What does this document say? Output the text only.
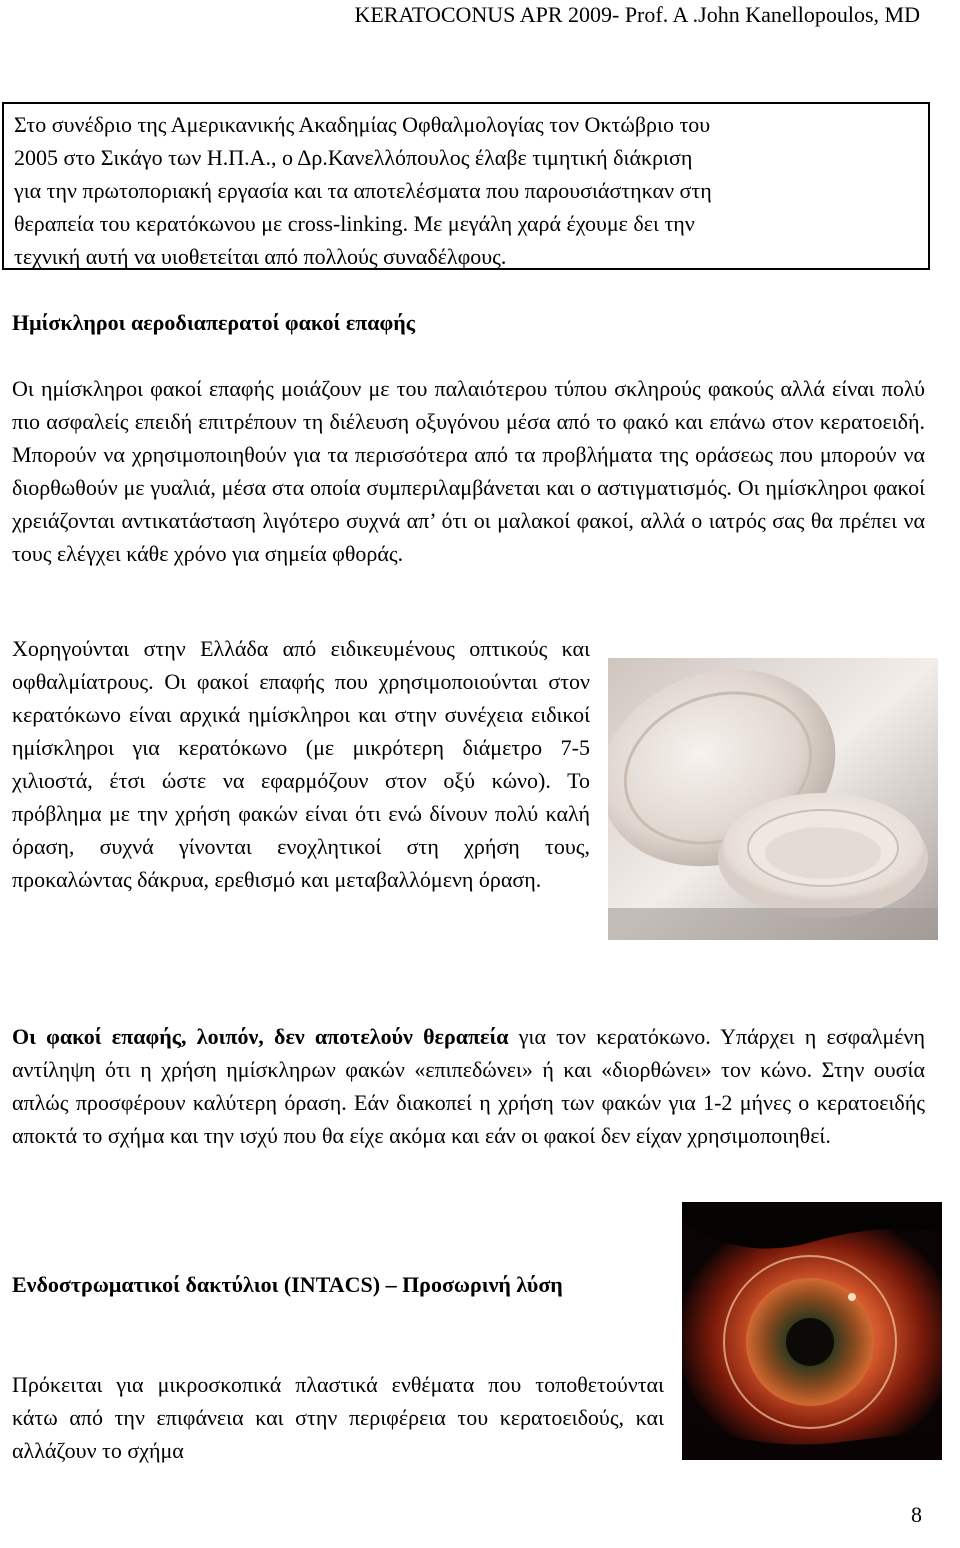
KERATOCONUS APR 2009- Prof. A .John Kanellopoulos, MD
Στο συνέδριο της Αμερικανικής Ακαδημίας Οφθαλμολογίας τον Οκτώβριο του
2005 στο Σικάγο των Η.Π.Α., ο Δρ.Κανελλόπουλος έλαβε τιμητική διάκριση
για την πρωτοποριακή εργασία και τα αποτελέσματα που παρουσιάστηκαν στη
θεραπεία του κερατόκωνου με cross-linking. Με μεγάλη χαρά έχουμε δει την
τεχνική αυτή να υιοθετείται από πολλούς συναδέλφους.
Ημίσκληροι αεροδιαπερατοί φακοί επαφής

Οι ημίσκληροι φακοί επαφής μοιάζουν με του παλαιότερου τύπου σκληρούς φακούς αλλά είναι πολύ πιο ασφαλείς επειδή επιτρέπουν τη διέλευση οξυγόνου μέσα από το φακό και επάνω στον κερατοειδή. Μπορούν να χρησιμοποιηθούν για τα περισσότερα από τα προβλήματα της οράσεως που μπορούν να διορθωθούν με γυαλιά, μέσα στα οποία συμπεριλαμβάνεται και ο αστιγματισμός. Οι ημίσκληροι φακοί χρειάζονται αντικατάσταση λιγότερο συχνά απ’ ότι οι μαλακοί φακοί, αλλά ο ιατρός σας θα πρέπει να τους ελέγχει κάθε χρόνο για σημεία φθοράς.

Χορηγούνται στην Ελλάδα από ειδικευμένους οπτικούς και οφθαλμίατρους. Οι φακοί επαφής που χρησιμοποιούνται στον κερατόκωνο είναι αρχικά ημίσκληροι και στην συνέχεια ειδικοί ημίσκληροι για κερατόκωνο (με μικρότερη διάμετρο 7-5 χιλιοστά, έτσι ώστε να εφαρμόζουν στον οξύ κώνο). Το πρόβλημα με την χρήση φακών είναι ότι ενώ δίνουν πολύ καλή όραση, συχνά γίνονται ενοχλητικοί στη χρήση τους, προκαλώντας δάκρυα, ερεθισμό και μεταβαλλόμενη όραση.

Οι φακοί επαφής, λοιπόν, δεν αποτελούν θεραπεία για τον κερατόκωνο. Υπάρχει η εσφαλμένη αντίληψη ότι η χρήση ημίσκληρων φακών «επιπεδώνει» ή και «διορθώνει» τον κώνο. Στην ουσία απλώς προσφέρουν καλύτερη όραση. Εάν διακοπεί η χρήση των φακών για 1-2 μήνες ο κερατοειδής αποκτά το σχήμα και την ισχύ που θα είχε ακόμα και εάν οι φακοί δεν είχαν χρησιμοποιηθεί.

Ενδοστρωματικοί δακτύλιοι (INTACS) – Προσωρινή λύση

Πρόκειται για μικροσκοπικά πλαστικά ενθέματα που τοποθετούνται κάτω από την επιφάνεια και στην περιφέρεια του κερατοειδούς, και αλλάζουν το σχήμα

8
